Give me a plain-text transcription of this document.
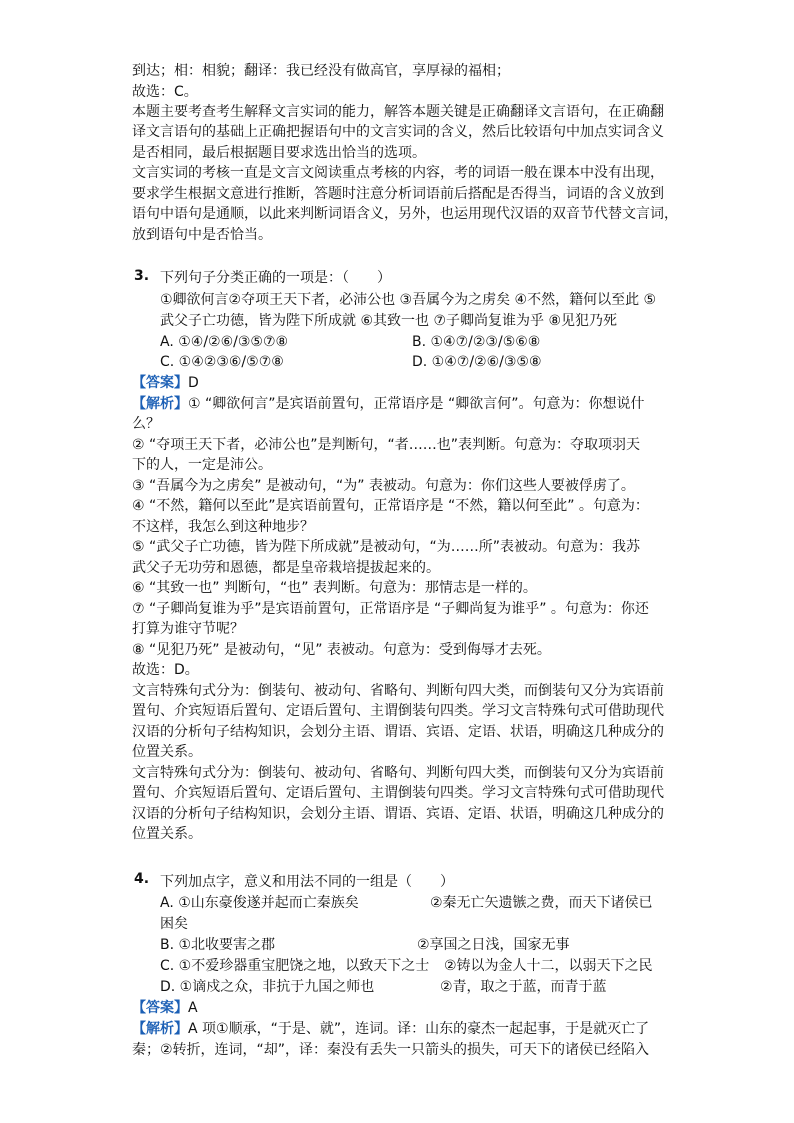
到达；相：相貌；翻译：我已经没有做高官，享厚禄的福相；
故选：C。
本题主要考查考生解释文言实词的能力，解答本题关键是正确翻译文言语句，在正确翻
译文言语句的基础上正确把握语句中的文言实词的含义，然后比较语句中加点实词含义
是否相同，最后根据题目要求选出恰当的选项。
文言实词的考核一直是文言文阅读重点考核的内容，考的词语一般在课本中没有出现，
要求学生根据文意进行推断，答题时注意分析词语前后搭配是否得当，词语的含义放到
语句中语句是通顺，以此来判断词语含义，另外，也运用现代汉语的双音节代替文言词，
放到语句中是否恰当。
3. 下列句子分类正确的一项是：（　　）
①卿欲何言②夺项王天下者，必沛公也 ③吾属今为之虏矣 ④不然，籍何以至此 ⑤
武父子亡功德，皆为陛下所成就 ⑥其致一也 ⑦子卿尚复谁为乎 ⑧见犯乃死
A. ①④/②⑥/③⑤⑦⑧	B. ①④⑦/②③/⑤⑥⑧
C. ①④②③⑥/⑤⑦⑧	D. ①④⑦/②⑥/③⑤⑧
【答案】D
【解析】① “卿欲何言”是宾语前置句，正常语序是 “卿欲言何”。句意为：你想说什
么？
② “夺项王天下者，必沛公也”是判断句，“者……也”表判断。句意为：夺取项羽天
下的人，一定是沛公。
③ “吾属今为之虏矣” 是被动句，“为” 表被动。句意为：你们这些人要被俘虏了。
④ “不然，籍何以至此”是宾语前置句，正常语序是 “不然，籍以何至此” 。句意为：
不这样，我怎么到这种地步？
⑤ “武父子亡功德，皆为陛下所成就”是被动句，“为……所”表被动。句意为：我苏
武父子无功劳和恩德，都是皇帝栽培提拔起来的。
⑥ “其致一也” 判断句，“也” 表判断。句意为：那情志是一样的。
⑦ “子卿尚复谁为乎”是宾语前置句，正常语序是 “子卿尚复为谁乎” 。句意为：你还
打算为谁守节呢？
⑧ “见犯乃死” 是被动句，“见” 表被动。句意为：受到侮辱才去死。
故选：D。
文言特殊句式分为：倒装句、被动句、省略句、判断句四大类，而倒装句又分为宾语前
置句、介宾短语后置句、定语后置句、主谓倒装句四类。学习文言特殊句式可借助现代
汉语的分析句子结构知识，会划分主语、谓语、宾语、定语、状语，明确这几种成分的
位置关系。
文言特殊句式分为：倒装句、被动句、省略句、判断句四大类，而倒装句又分为宾语前
置句、介宾短语后置句、定语后置句、主谓倒装句四类。学习文言特殊句式可借助现代
汉语的分析句子结构知识，会划分主语、谓语、宾语、定语、状语，明确这几种成分的
位置关系。
4. 下列加点字，意义和用法不同的一组是（　　）
A. ①山东豪俊遂并起而亡秦族矣	②秦无亡矢遗镞之费，而天下诸侯已
困矣
B. ①北收要害之郡	②享国之日浅，国家无事
C. ①不爱珍器重宝肥饶之地，以致天下之士 ②铸以为金人十二，以弱天下之民
D. ①谪戍之众，非抗于九国之师也	②青，取之于蓝，而青于蓝
【答案】A
【解析】A 项①顺承，“于是、就”，连词。译：山东的豪杰一起起事，于是就灭亡了
秦；②转折，连词，“却”，译：秦没有丢失一只箭头的损失，可天下的诸侯已经陷入
